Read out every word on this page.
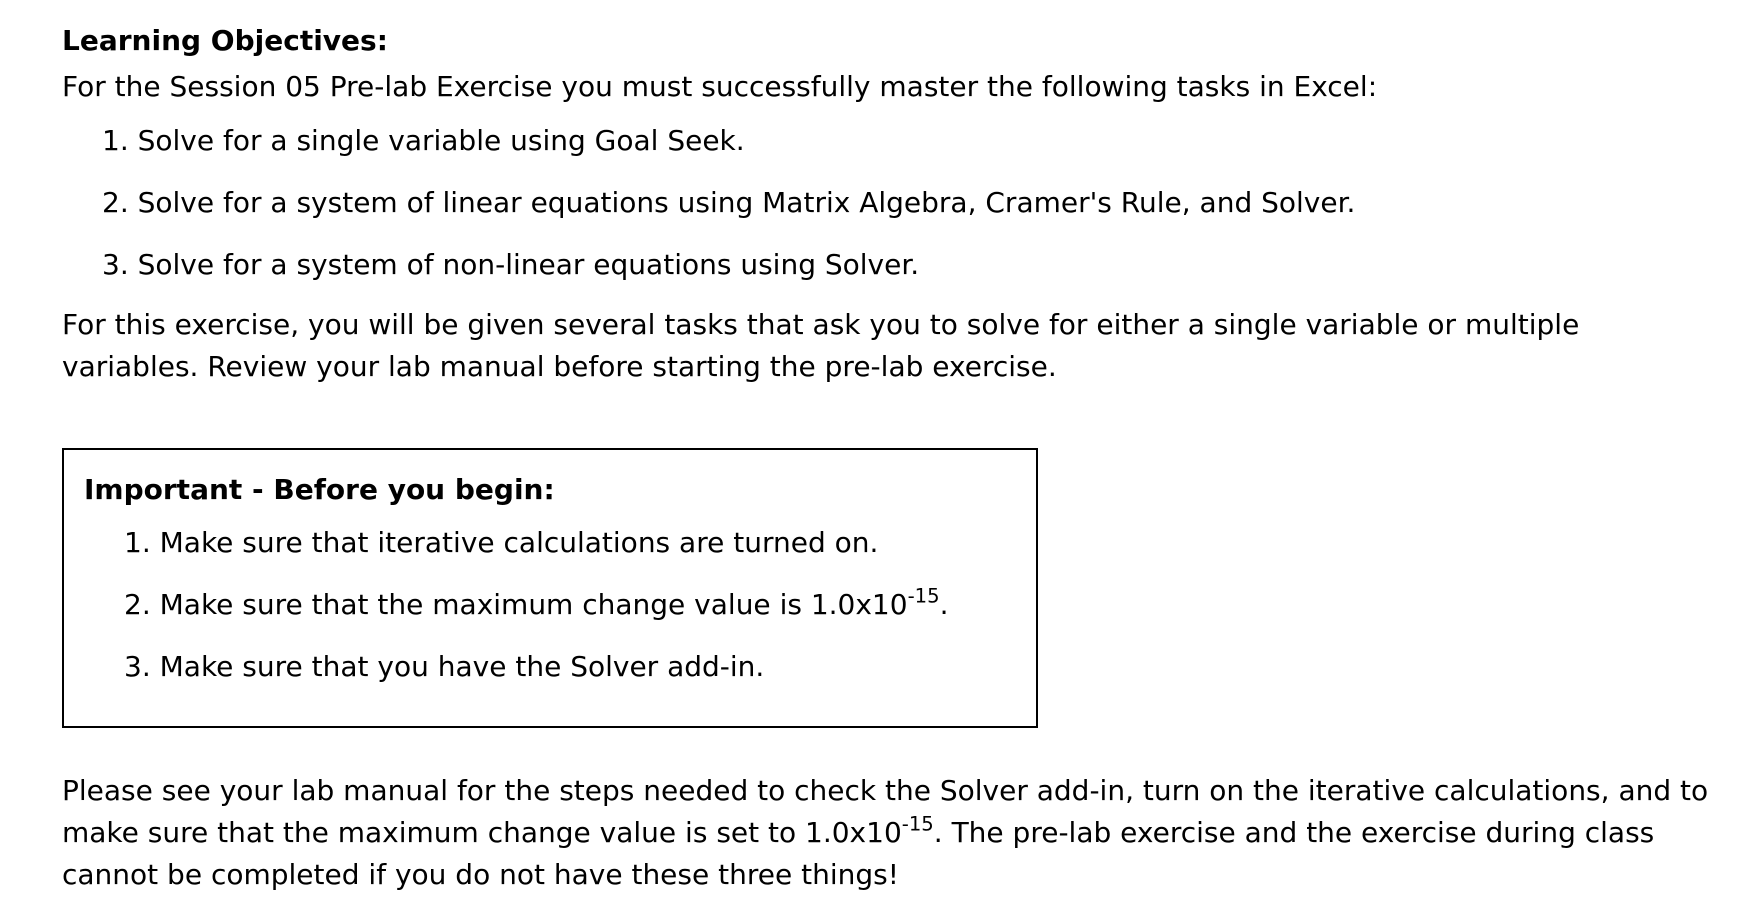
Learning Objectives:

For the Session 05 Pre-lab Exercise you must successfully master the following tasks in Excel:

1. Solve for a single variable using Goal Seek.
2. Solve for a system of linear equations using Matrix Algebra, Cramer's Rule, and Solver.
3. Solve for a system of non-linear equations using Solver.

For this exercise, you will be given several tasks that ask you to solve for either a single variable or multiple variables. Review your lab manual before starting the pre-lab exercise.

Important - Before you begin:

1. Make sure that iterative calculations are turned on.
2. Make sure that the maximum change value is $1.0x10^{-15}$.
3. Make sure that you have the Solver add-in.

Please see your lab manual for the steps needed to check the Solver add-in, turn on the iterative calculations, and to make sure that the maximum change value is set to $1.0x10^{-15}$. The pre-lab exercise and the exercise during class cannot be completed if you do not have these three things!
